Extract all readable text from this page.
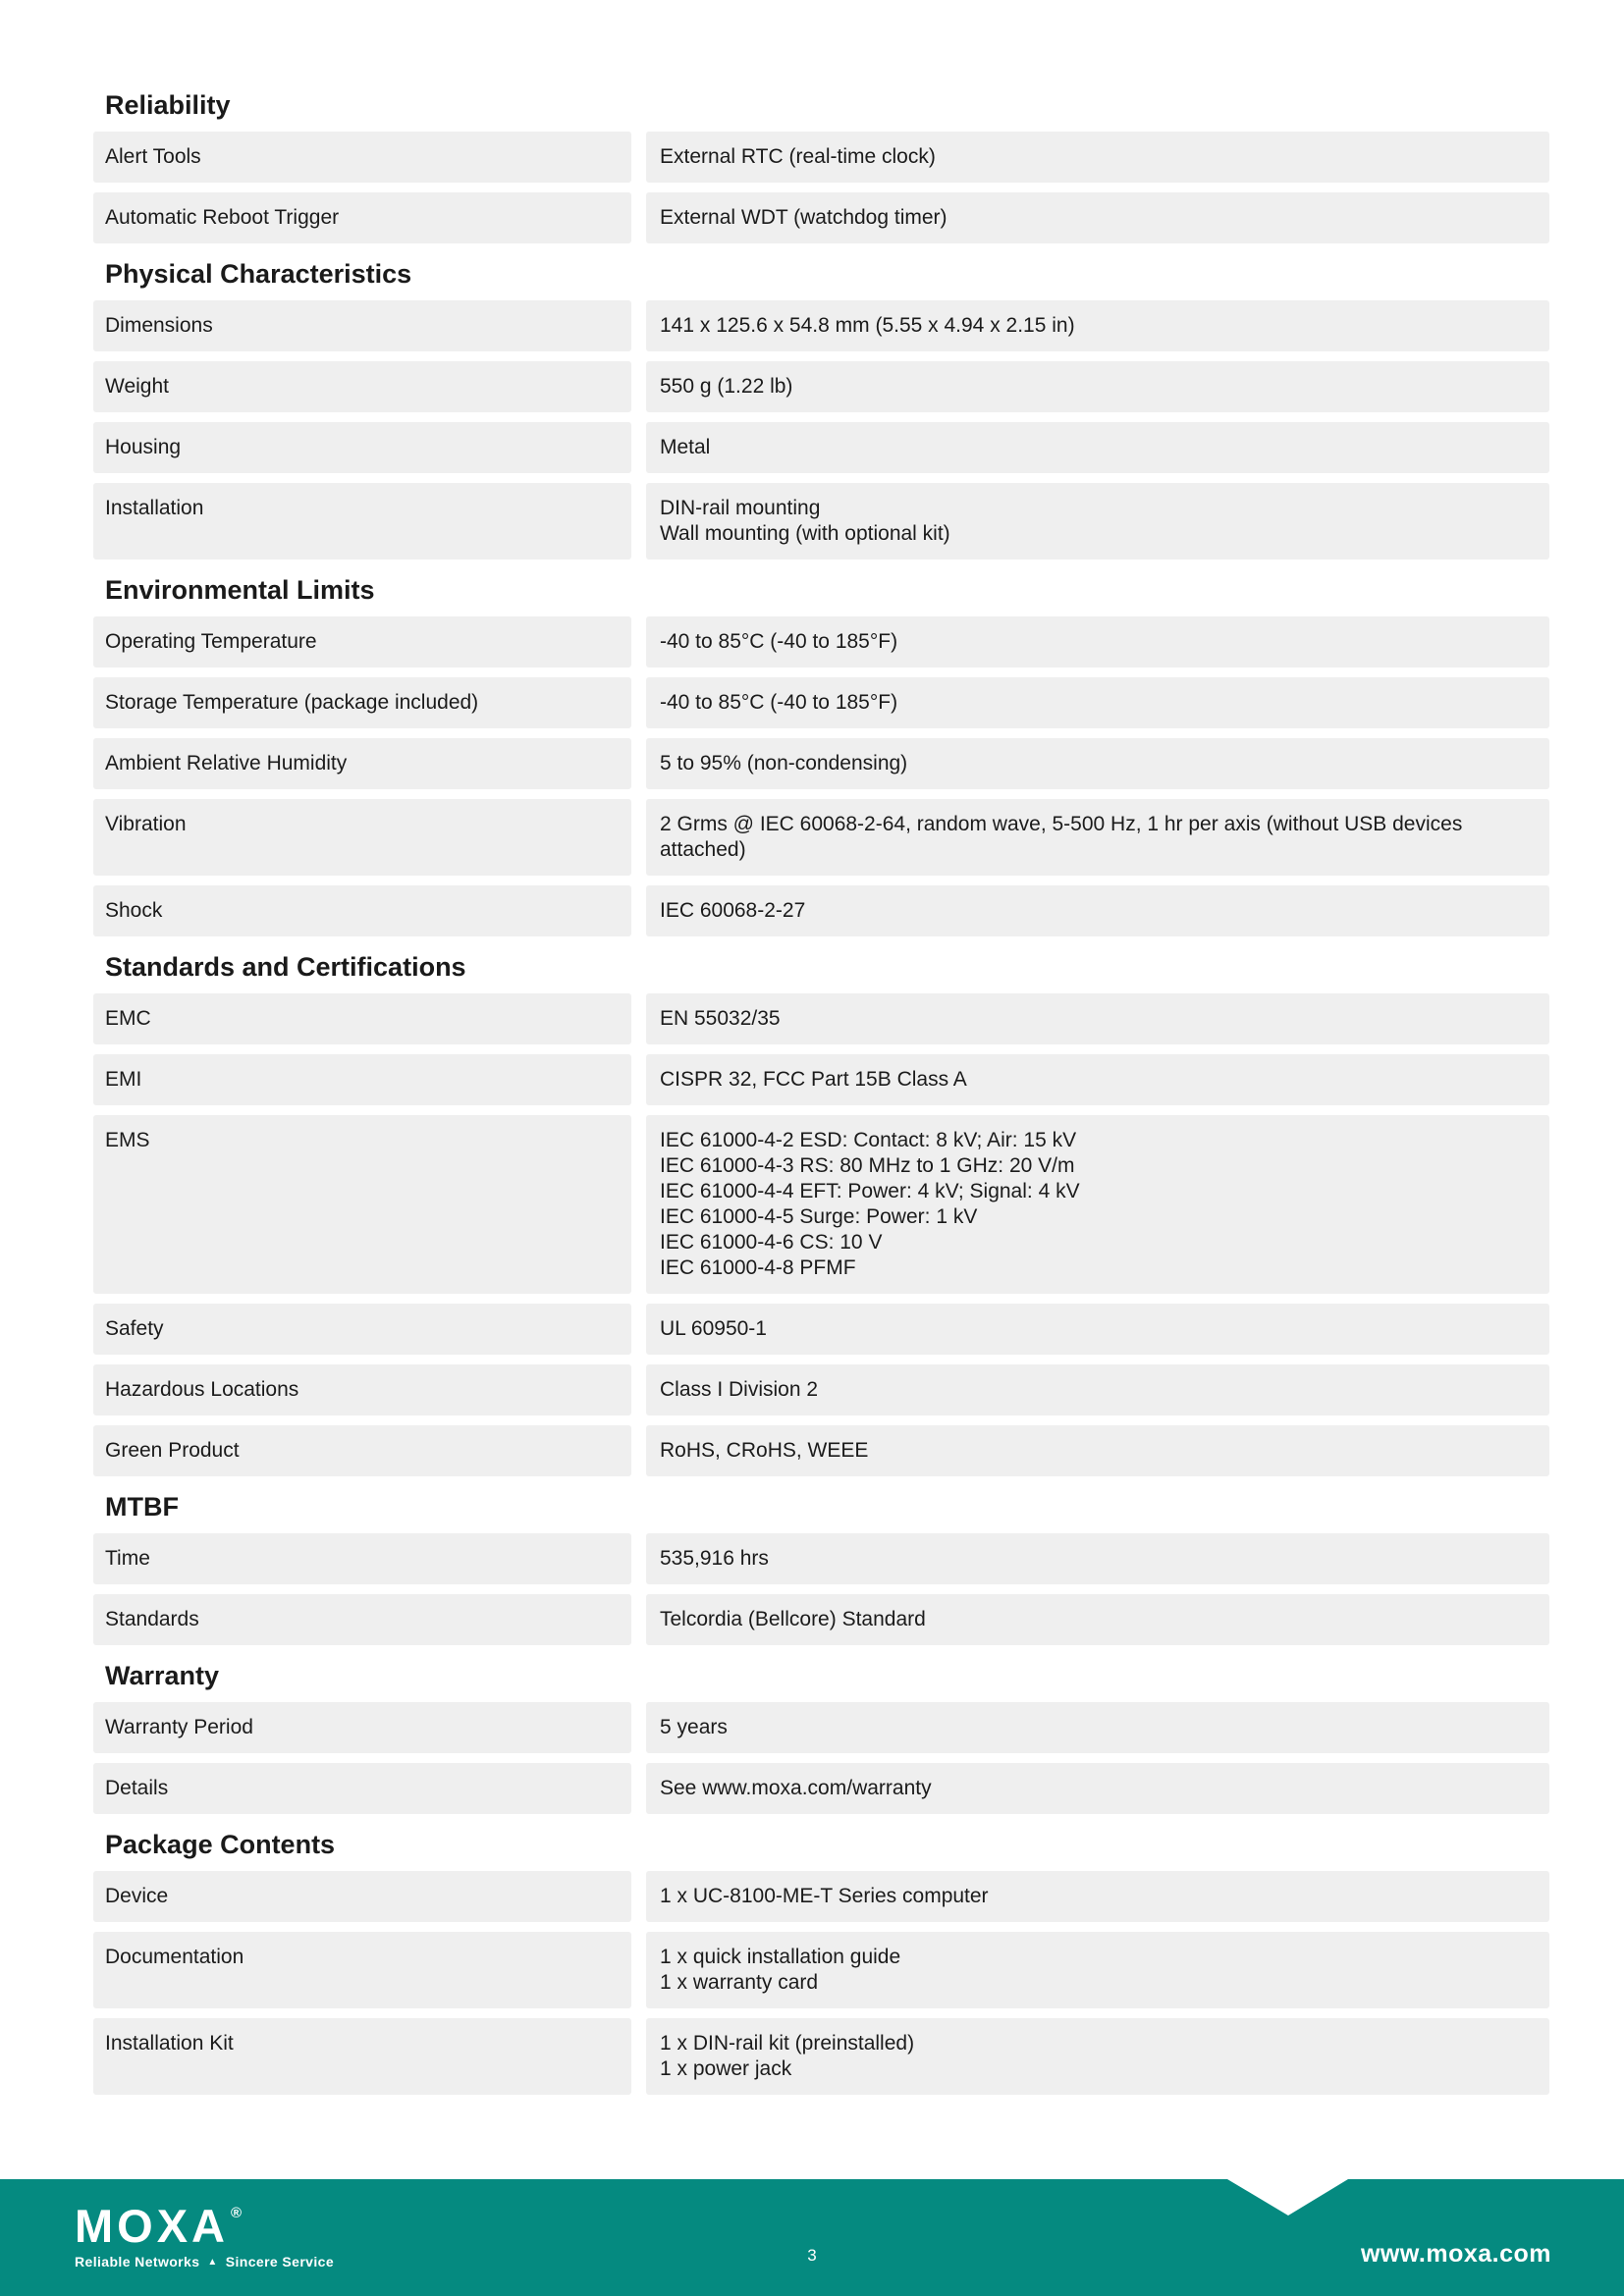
Reliability
Alert Tools	External RTC (real-time clock)
Automatic Reboot Trigger	External WDT (watchdog timer)
Physical Characteristics
Dimensions	141 x 125.6 x 54.8 mm (5.55 x 4.94 x 2.15 in)
Weight	550 g (1.22 lb)
Housing	Metal
Installation	DIN-rail mounting
Wall mounting (with optional kit)
Environmental Limits
Operating Temperature	-40 to 85°C (-40 to 185°F)
Storage Temperature (package included)	-40 to 85°C (-40 to 185°F)
Ambient Relative Humidity	5 to 95% (non-condensing)
Vibration	2 Grms @ IEC 60068-2-64, random wave, 5-500 Hz, 1 hr per axis (without USB devices
attached)
Shock	IEC 60068-2-27
Standards and Certifications
EMC	EN 55032/35
EMI	CISPR 32, FCC Part 15B Class A
EMS	IEC 61000-4-2 ESD: Contact: 8 kV; Air: 15 kV
IEC 61000-4-3 RS: 80 MHz to 1 GHz: 20 V/m
IEC 61000-4-4 EFT: Power: 4 kV; Signal: 4 kV
IEC 61000-4-5 Surge: Power: 1 kV
IEC 61000-4-6 CS: 10 V
IEC 61000-4-8 PFMF
Safety	UL 60950-1
Hazardous Locations	Class I Division 2
Green Product	RoHS, CRoHS, WEEE
MTBF
Time	535,916 hrs
Standards	Telcordia (Bellcore) Standard
Warranty
Warranty Period	5 years
Details	See www.moxa.com/warranty
Package Contents
Device	1 x UC-8100-ME-T Series computer
Documentation	1 x quick installation guide
1 x warranty card
Installation Kit	1 x DIN-rail kit (preinstalled)
1 x power jack
MOXA ®
Reliable Networks ▲ Sincere Service	3	www.moxa.com
